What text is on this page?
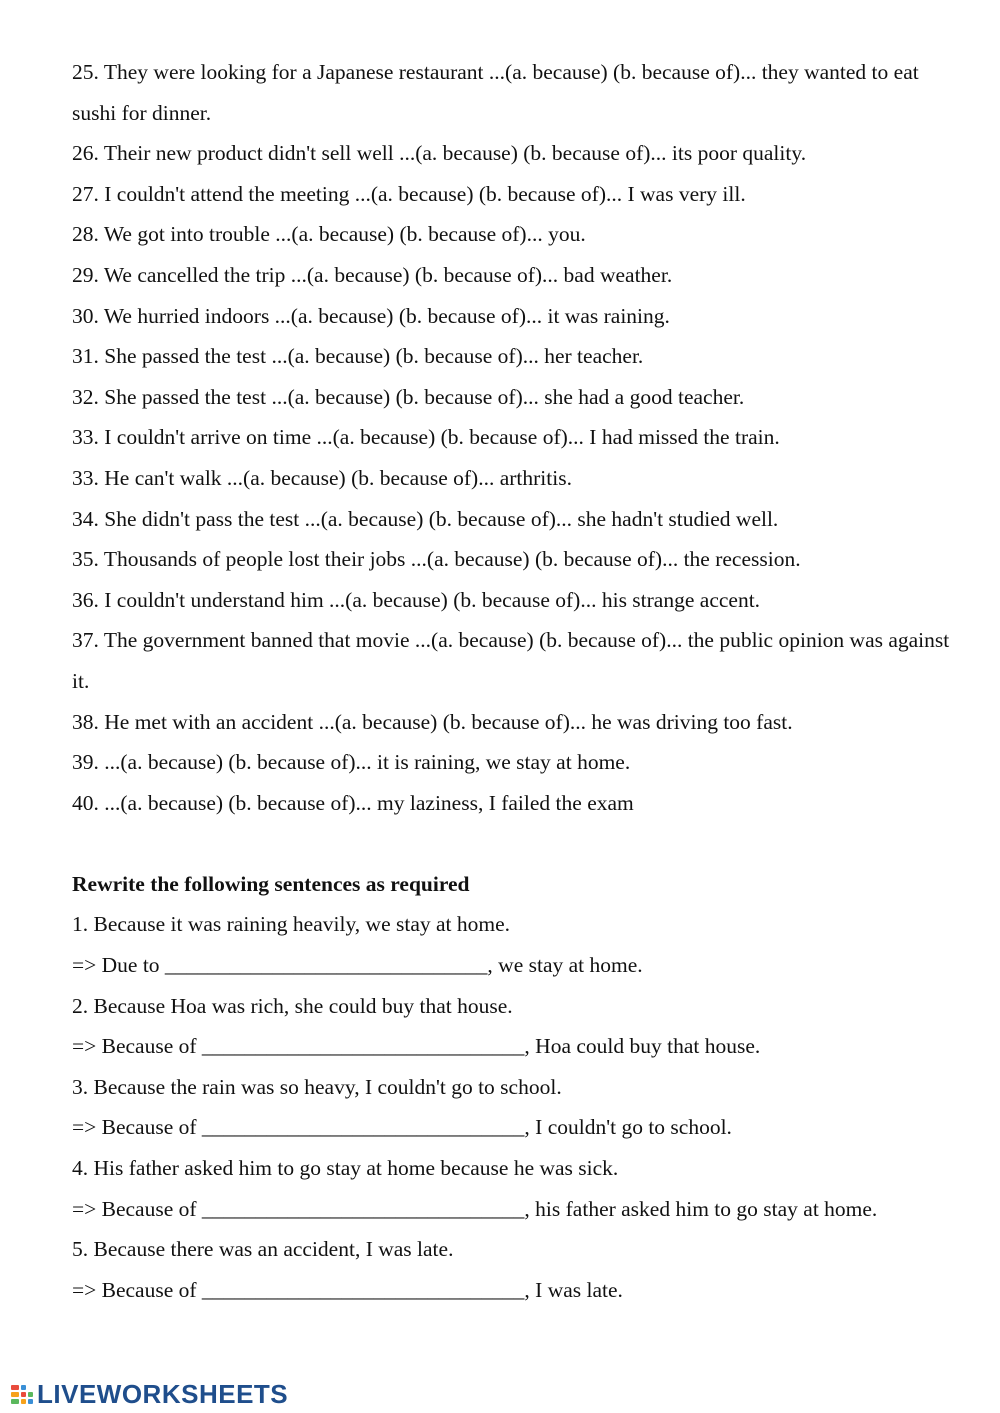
25. They were looking for a Japanese restaurant ...(a. because) (b. because of)... they wanted to eat sushi for dinner.
26. Their new product didn't sell well ...(a. because) (b. because of)... its poor quality.
27. I couldn't attend the meeting ...(a. because) (b. because of)... I was very ill.
28. We got into trouble ...(a. because) (b. because of)... you.
29. We cancelled the trip ...(a. because) (b. because of)... bad weather.
30. We hurried indoors ...(a. because) (b. because of)... it was raining.
31. She passed the test ...(a. because) (b. because of)... her teacher.
32. She passed the test ...(a. because) (b. because of)... she had a good teacher.
33. I couldn't arrive on time ...(a. because) (b. because of)... I had missed the train.
33. He can't walk ...(a. because) (b. because of)... arthritis.
34. She didn't pass the test ...(a. because) (b. because of)... she hadn't studied well.
35. Thousands of people lost their jobs ...(a. because) (b. because of)... the recession.
36. I couldn't understand him ...(a. because) (b. because of)... his strange accent.
37. The government banned that movie ...(a. because) (b. because of)... the public opinion was against it.
38. He met with an accident ...(a. because) (b. because of)... he was driving too fast.
39. ...(a. because) (b. because of)... it is raining, we stay at home.
40. ...(a. because) (b. because of)... my laziness, I failed the exam
Rewrite the following sentences as required
1. Because it was raining heavily, we stay at home.
=> Due to ______________________________, we stay at home.
2. Because Hoa was rich, she could buy that house.
=> Because of ______________________________, Hoa could buy that house.
3. Because the rain was so heavy, I couldn't go to school.
=> Because of ______________________________, I couldn't go to school.
4. His father asked him to go stay at home because he was sick.
=> Because of ______________________________, his father asked him to go stay at home.
5. Because there was an accident, I was late.
=> Because of ______________________________, I was late.
LIVEWORKSHEETS
